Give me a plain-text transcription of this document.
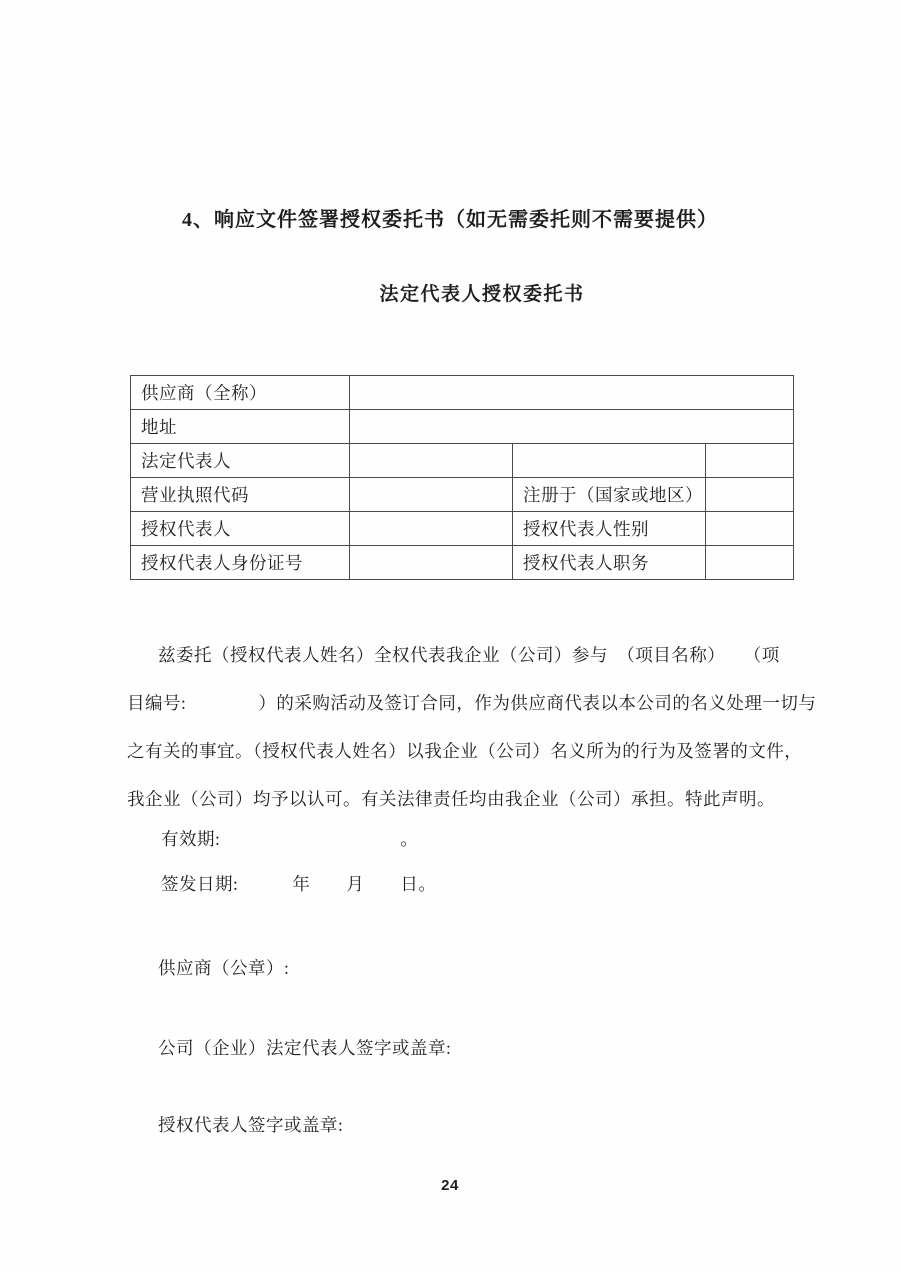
4、响应文件签署授权委托书（如无需委托则不需要提供）
法定代表人授权委托书
供应商（全称）			
地址			
法定代表人			
营业执照代码		注册于（国家或地区）	
授权代表人		授权代表人性别	
授权代表人身份证号		授权代表人职务	
兹委托（授权代表人姓名）全权代表我企业（公司）参与　（项目名称）　　（项
目编号:　　　　）的采购活动及签订合同，作为供应商代表以本公司的名义处理一切与
之有关的事宜。（授权代表人姓名）以我企业（公司）名义所为的行为及签署的文件，
我企业（公司）均予以认可。有关法律责任均由我企业（公司）承担。特此声明。
有效期:　　　　　　　　　　。
签发日期:　　　年　　月　　日。
供应商（公章）:
公司（企业）法定代表人签字或盖章:
授权代表人签字或盖章:
24
